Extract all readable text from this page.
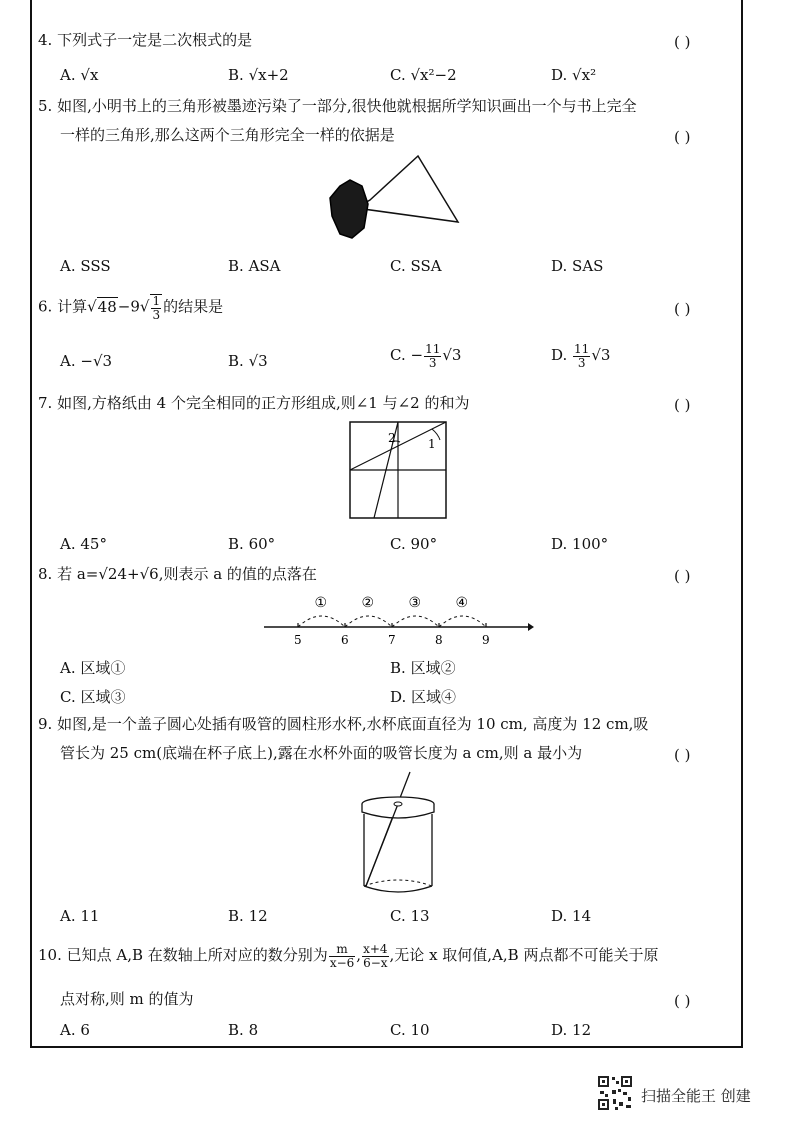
4. 下列式子一定是二次根式的是	( )
A. √x	B. √x+2	C. √x²−2	D. √x²
5. 如图,小明书上的三角形被墨迹污染了一部分,很快他就根据所学知识画出一个与书上完全
一样的三角形,那么这两个三角形完全一样的依据是	( )
A. SSS	B. ASA	C. SSA	D. SAS
6. 计算$√48-9√ \frac{1}{3}$ 的结果是	( )
A. −√3	B. √3	C. − $\frac{11}{3} √3$	D. $\frac{11}{3} √3$
7. 如图,方格纸由 4 个完全相同的正方形组成,则∠1 与∠2 的和为	( )
1
2
A. 45°	B. 60°	C. 90°	D. 100°
8. 若 a=√24+√6,则表示 a 的值的点落在	( )
5	6	7	8	9
① ② ③ ④
A. 区域①	B. 区域②
C. 区域③	D. 区域④
9. 如图,是一个盖子圆心处插有吸管的圆柱形水杯,水杯底面直径为 10 cm, 高度为 12 cm,吸
管长为 25 cm(底端在杯子底上),露在水杯外面的吸管长度为 a cm,则 a 最小为	( )
A. 11	B. 12	C. 13	D. 14
10. 已知点 A,B 在数轴上所对应的数分别为 $\frac{m}{x-6}$ , $\frac{x+4}{6-x}$ ,无论 x 取何值,A,B 两点都不可能关于原
点对称,则 m 的值为	( )
A. 6	B. 8	C. 10	D. 12
扫描全能王 创建
